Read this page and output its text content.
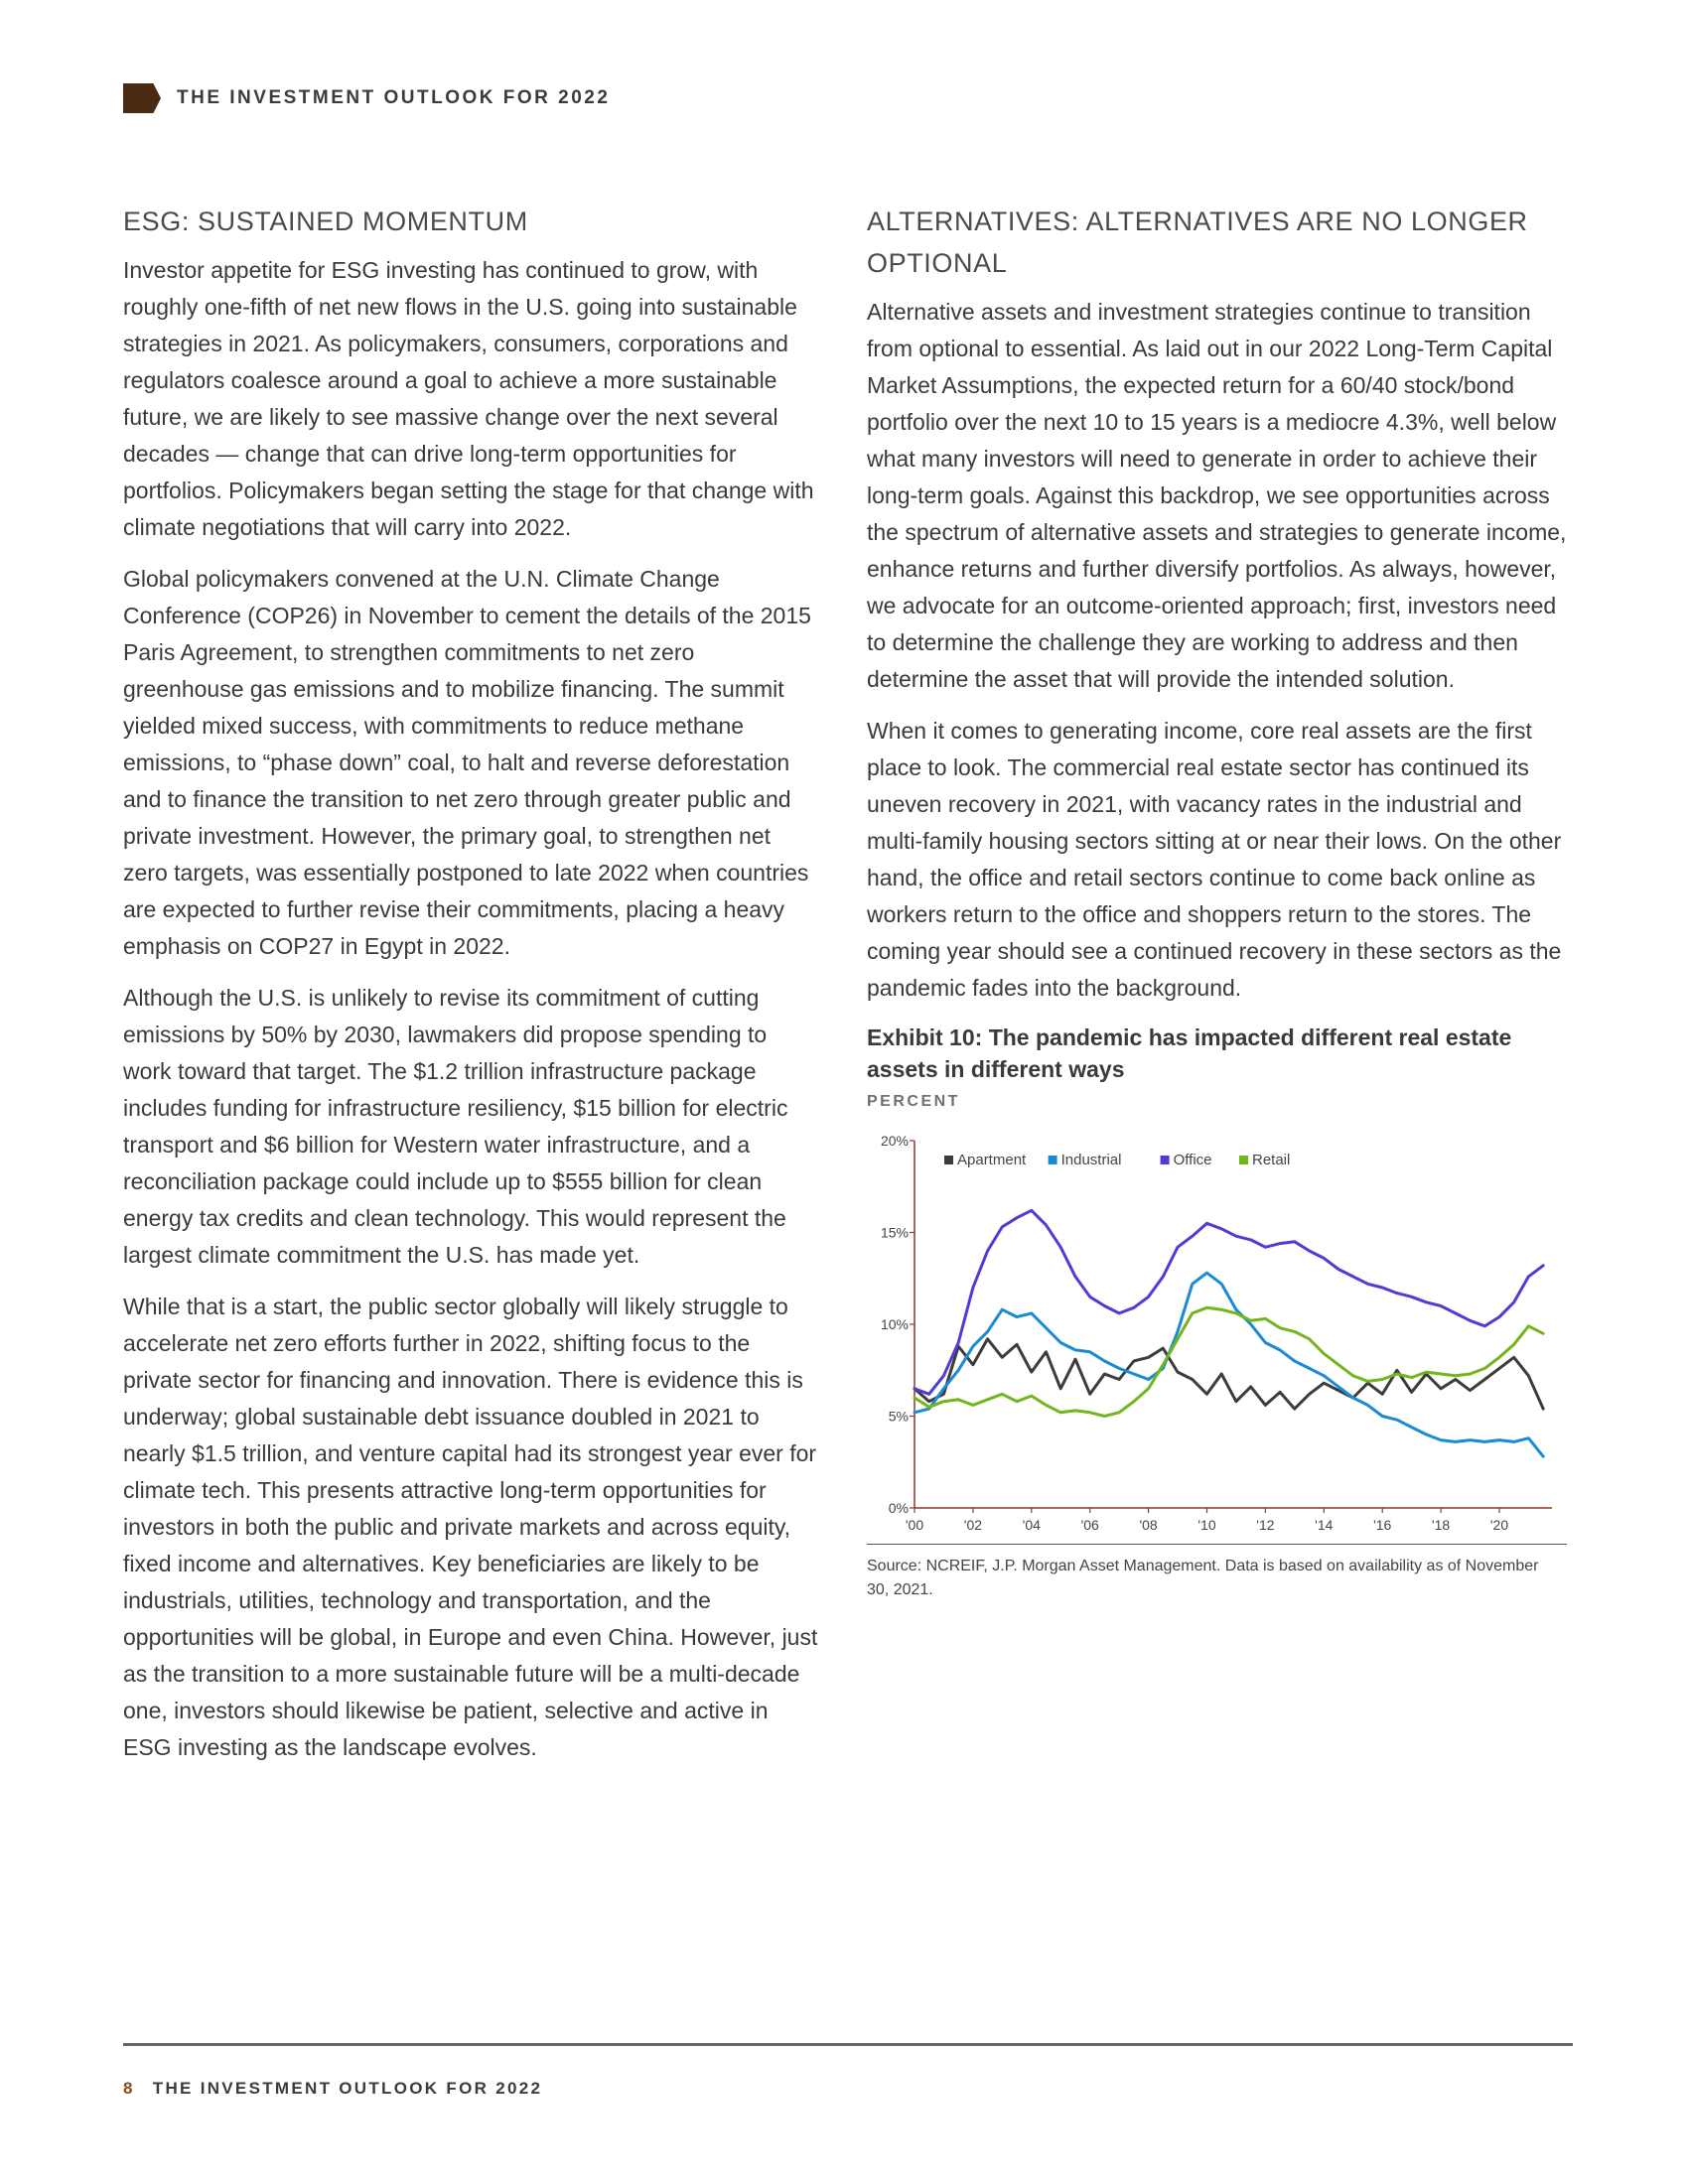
THE INVESTMENT OUTLOOK FOR 2022
ESG: SUSTAINED MOMENTUM

Investor appetite for ESG investing has continued to grow, with roughly one-fifth of net new flows in the U.S. going into sustainable strategies in 2021. As policymakers, consumers, corporations and regulators coalesce around a goal to achieve a more sustainable future, we are likely to see massive change over the next several decades — change that can drive long-term opportunities for portfolios. Policymakers began setting the stage for that change with climate negotiations that will carry into 2022.

Global policymakers convened at the U.N. Climate Change Conference (COP26) in November to cement the details of the 2015 Paris Agreement, to strengthen commitments to net zero greenhouse gas emissions and to mobilize financing. The summit yielded mixed success, with commitments to reduce methane emissions, to “phase down” coal, to halt and reverse deforestation and to finance the transition to net zero through greater public and private investment. However, the primary goal, to strengthen net zero targets, was essentially postponed to late 2022 when countries are expected to further revise their commitments, placing a heavy emphasis on COP27 in Egypt in 2022.

Although the U.S. is unlikely to revise its commitment of cutting emissions by 50% by 2030, lawmakers did propose spending to work toward that target. The $1.2 trillion infrastructure package includes funding for infrastructure resiliency, $15 billion for electric transport and $6 billion for Western water infrastructure, and a reconciliation package could include up to $555 billion for clean energy tax credits and clean technology. This would represent the largest climate commitment the U.S. has made yet.

While that is a start, the public sector globally will likely struggle to accelerate net zero efforts further in 2022, shifting focus to the private sector for financing and innovation. There is evidence this is underway; global sustainable debt issuance doubled in 2021 to nearly $1.5 trillion, and venture capital had its strongest year ever for climate tech. This presents attractive long-term opportunities for investors in both the public and private markets and across equity, fixed income and alternatives. Key beneficiaries are likely to be industrials, utilities, technology and transportation, and the opportunities will be global, in Europe and even China. However, just as the transition to a more sustainable future will be a multi-decade one, investors should likewise be patient, selective and active in ESG investing as the landscape evolves.

ALTERNATIVES: ALTERNATIVES ARE NO LONGER OPTIONAL

Alternative assets and investment strategies continue to transition from optional to essential. As laid out in our 2022 Long-Term Capital Market Assumptions, the expected return for a 60/40 stock/bond portfolio over the next 10 to 15 years is a mediocre 4.3%, well below what many investors will need to generate in order to achieve their long-term goals. Against this backdrop, we see opportunities across the spectrum of alternative assets and strategies to generate income, enhance returns and further diversify portfolios. As always, however, we advocate for an outcome-oriented approach; first, investors need to determine the challenge they are working to address and then determine the asset that will provide the intended solution.

When it comes to generating income, core real assets are the first place to look. The commercial real estate sector has continued its uneven recovery in 2021, with vacancy rates in the industrial and multi-family housing sectors sitting at or near their lows. On the other hand, the office and retail sectors continue to come back online as workers return to the office and shoppers return to the stores. The coming year should see a continued recovery in these sectors as the pandemic fades into the background.

Exhibit 10: The pandemic has impacted different real estate assets in different ways
PERCENT
0%
5%
10%
15%
20%
'00	'02	'04	'06	'08	'10	'12	'14	'16	'18	'20
Apartment Industrial	Office	Retail
Source: NCREIF, J.P. Morgan Asset Management. Data is based on availability as of November 30, 2021.
8 THE INVESTMENT OUTLOOK FOR 2022
